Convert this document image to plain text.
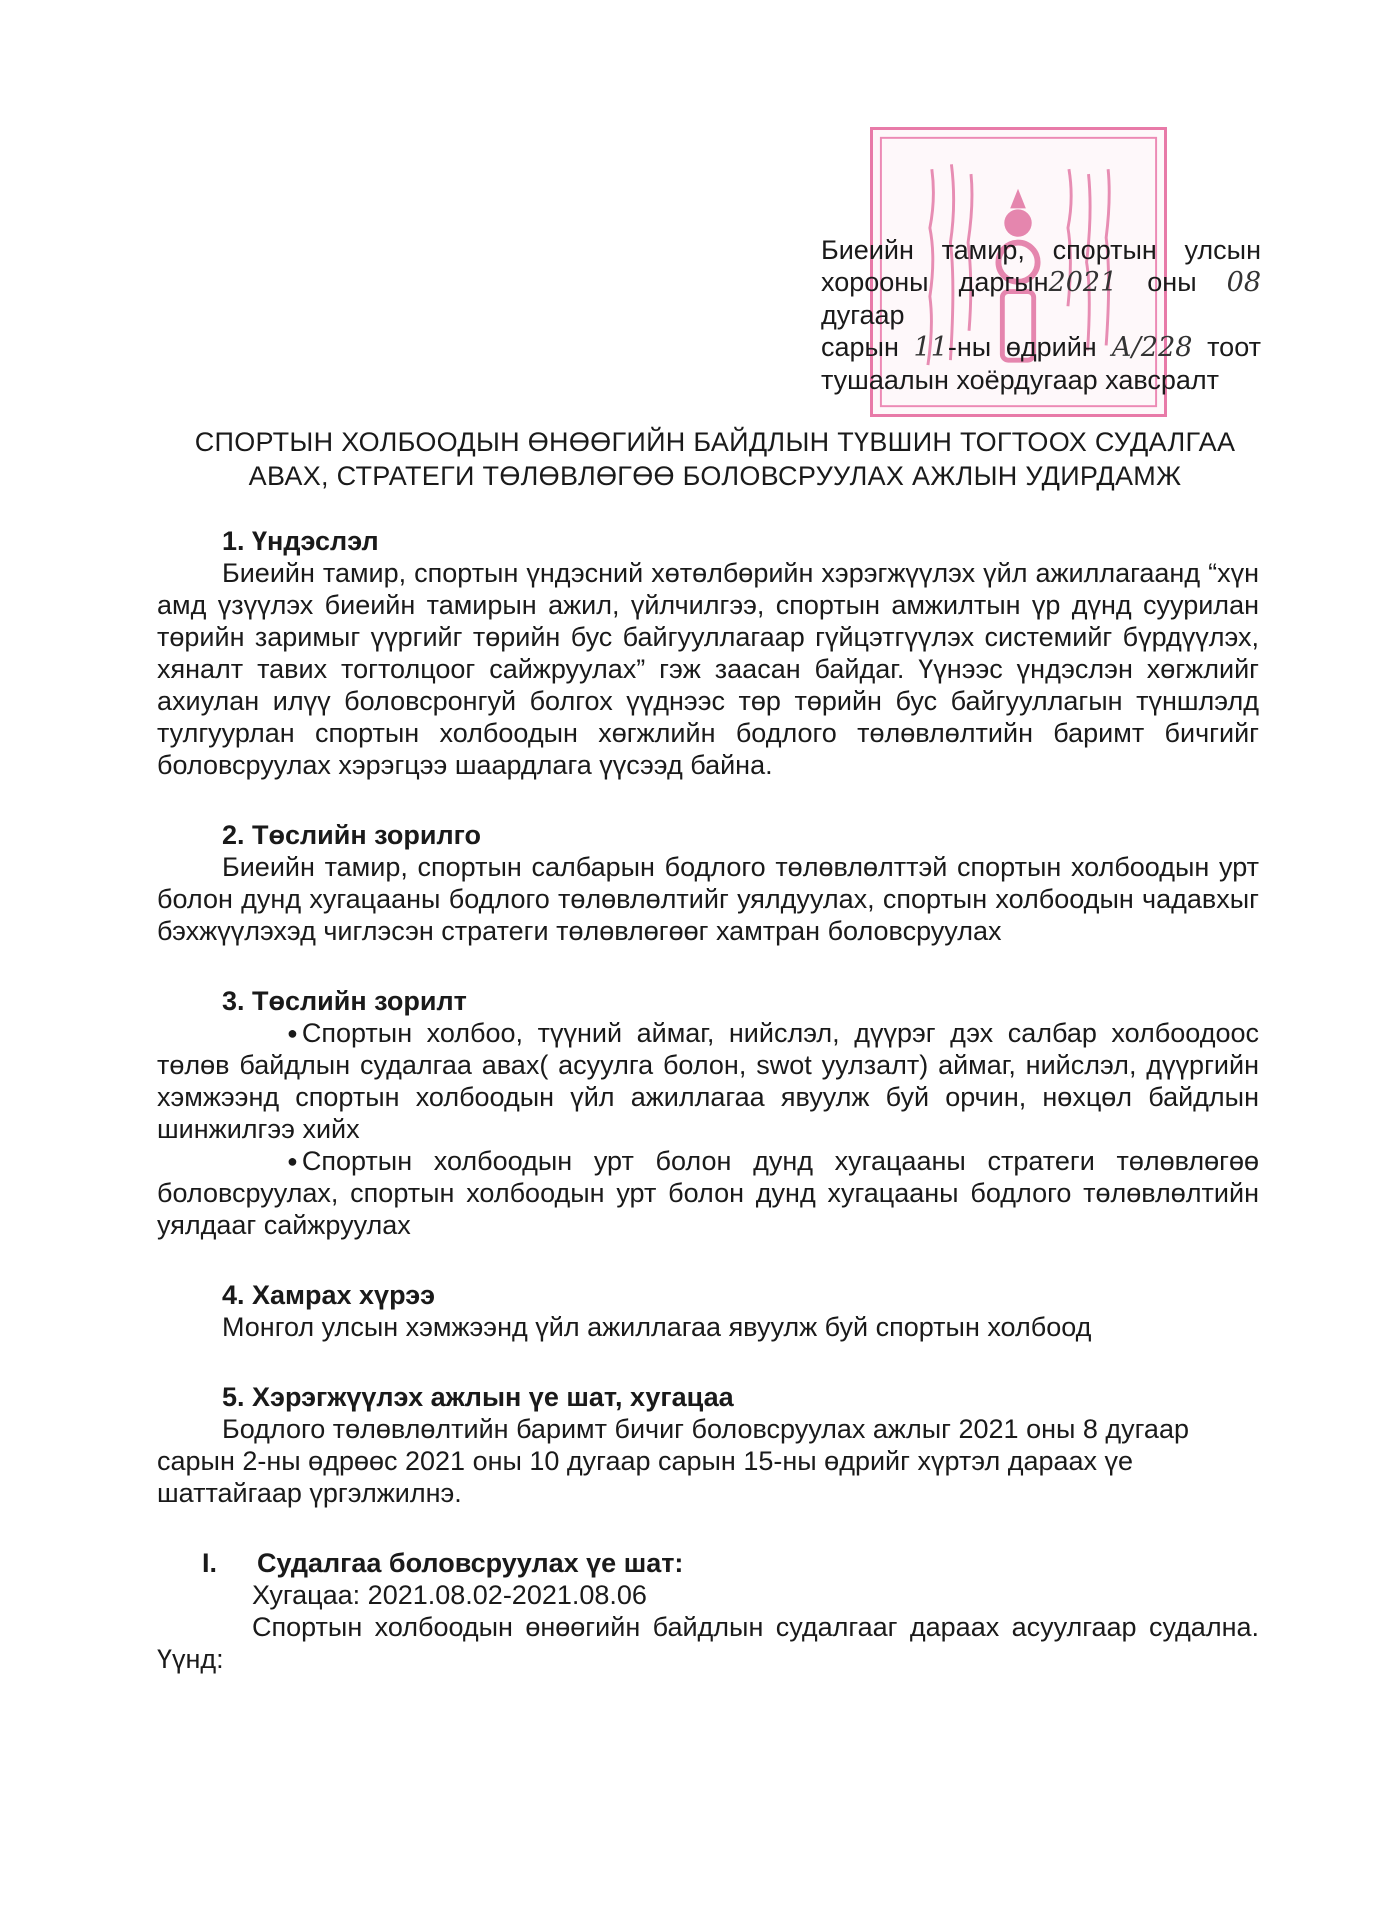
Биеийн тамир, спортын улсын
хорооны даргын2021 оны 08 дугаар
сарын 11-ны өдрийн А/228 тоот
тушаалын хоёрдугаар хавсралт
СПОРТЫН ХОЛБООДЫН ӨНӨӨГИЙН БАЙДЛЫН ТҮВШИН ТОГТООХ СУДАЛГАА
АВАХ, СТРАТЕГИ ТӨЛӨВЛӨГӨӨ БОЛОВСРУУЛАХ АЖЛЫН УДИРДАМЖ

1. Үндэслэл

Биеийн тамир, спортын үндэсний хөтөлбөрийн хэрэгжүүлэх үйл ажиллагаанд “хүн амд үзүүлэх биеийн тамирын ажил, үйлчилгээ, спортын амжилтын үр дүнд суурилан төрийн заримыг үүргийг төрийн бус байгууллагаар гүйцэтгүүлэх системийг бүрдүүлэх, хяналт тавих тогтолцоог сайжруулах” гэж заасан байдаг. Үүнээс үндэслэн хөгжлийг ахиулан илүү боловсронгуй болгох үүднээс төр төрийн бус байгууллагын түншлэлд тулгуурлан спортын холбоодын хөгжлийн бодлого төлөвлөлтийн баримт бичгийг боловсруулах хэрэгцээ шаардлага үүсээд байна.

2. Төслийн зорилго

Биеийн тамир, спортын салбарын бодлого төлөвлөлттэй спортын холбоодын урт болон дунд хугацааны бодлого төлөвлөлтийг уялдуулах, спортын холбоодын чадавхыг бэхжүүлэхэд чиглэсэн стратеги төлөвлөгөөг хамтран боловсруулах

3. Төслийн зорилт

● Спортын холбоо, түүний аймаг, нийслэл, дүүрэг дэх салбар холбоодоос төлөв байдлын судалгаа авах( асуулга болон, swot уулзалт) аймаг, нийслэл, дүүргийн хэмжээнд спортын холбоодын үйл ажиллагаа явуулж буй орчин, нөхцөл байдлын шинжилгээ хийх

● Спортын холбоодын урт болон дунд хугацааны стратеги төлөвлөгөө боловсруулах, спортын холбоодын урт болон дунд хугацааны бодлого төлөвлөлтийн уялдааг сайжруулах

4. Хамрах хүрээ

Монгол улсын хэмжээнд үйл ажиллагаа явуулж буй спортын холбоод

5. Хэрэгжүүлэх ажлын үе шат, хугацаа

Бодлого төлөвлөлтийн баримт бичиг боловсруулах ажлыг 2021 оны 8 дугаар сарын 2-ны өдрөөс 2021 оны 10 дугаар сарын 15-ны өдрийг хүртэл дараах үе шаттайгаар үргэлжилнэ.

I.	Судалгаа боловсруулах үе шат:

Хугацаа: 2021.08.02-2021.08.06

Спортын холбоодын өнөөгийн байдлын судалгааг дараах асуулгаар судална. Үүнд:
